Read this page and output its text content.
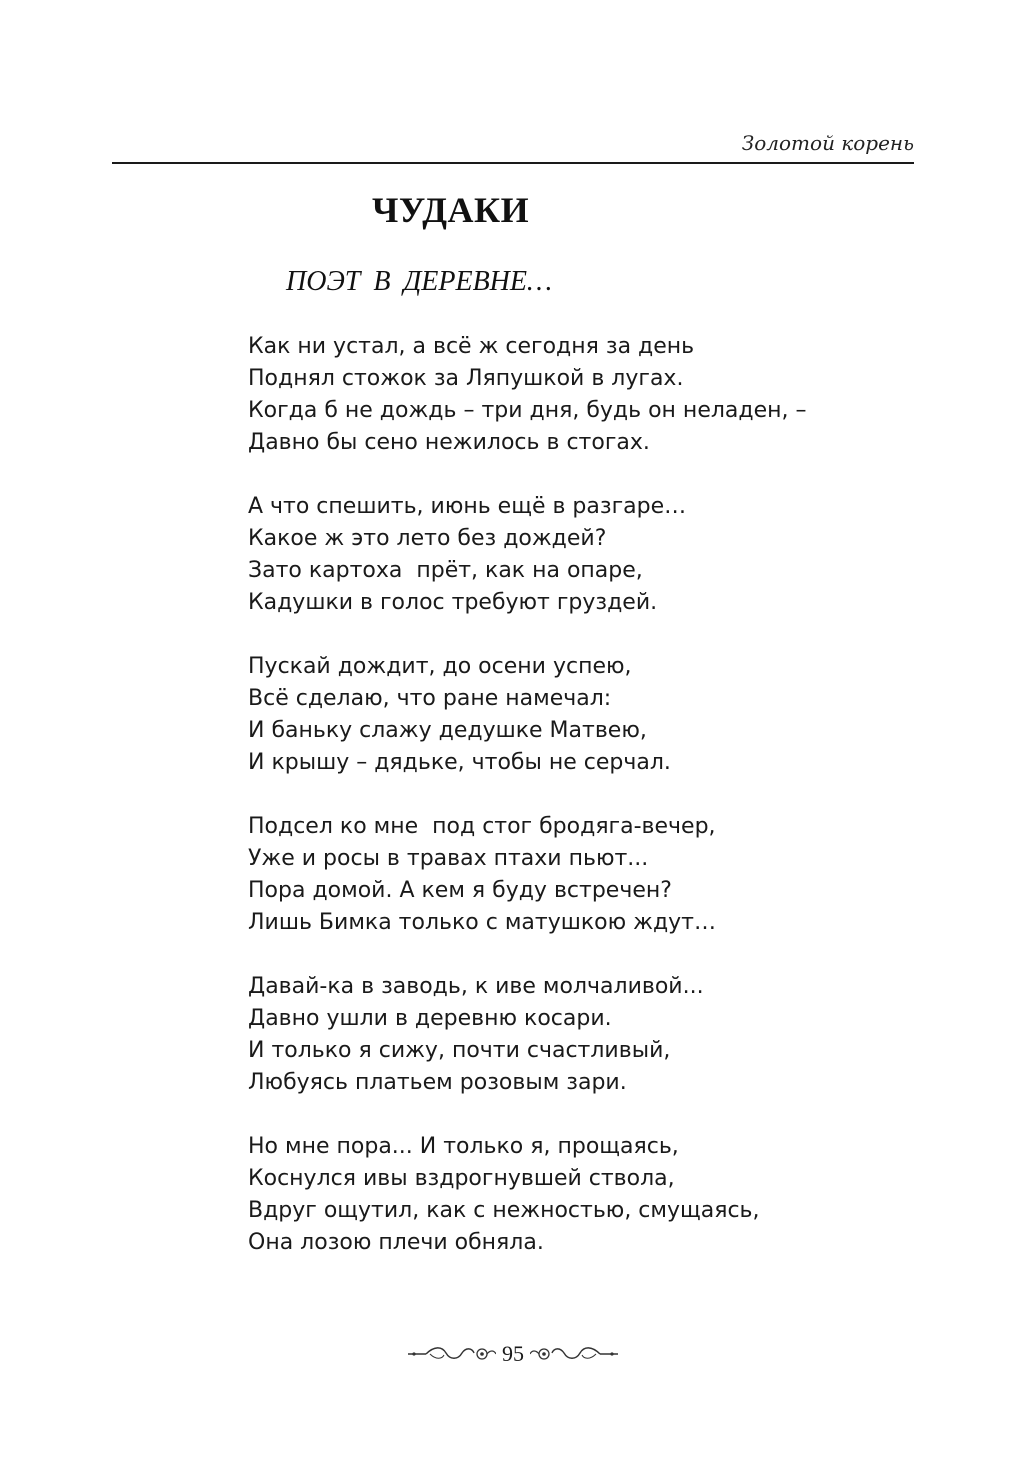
Золотой корень
ЧУДАКИ
ПОЭТ В ДЕРЕВНЕ…
Как ни устал, а всё ж сегодня за день
Поднял стожок за Ляпушкой в лугах.
Когда б не дождь – три дня, будь он неладен, –
Давно бы сено нежилось в стогах.
А что спешить, июнь ещё в разгаре…
Какое ж это лето без дождей?
Зато картоха  прёт, как на опаре,
Кадушки в голос требуют груздей.
Пускай дождит, до осени успею,
Всё сделаю, что ране намечал:
И баньку слажу дедушке Матвею,
И крышу – дядьке, чтобы не серчал.
Подсел ко мне  под стог бродяга-вечер,
Уже и росы в травах птахи пьют...
Пора домой. А кем я буду встречен?
Лишь Бимка только с матушкою ждут…
Давай-ка в заводь, к иве молчаливой...
Давно ушли в деревню косари.
И только я сижу, почти счастливый,
Любуясь платьем розовым зари.
Но мне пора... И только я, прощаясь,
Коснулся ивы вздрогнувшей ствола,
Вдруг ощутил, как с нежностью, смущаясь,
Она лозою плечи обняла.
95
